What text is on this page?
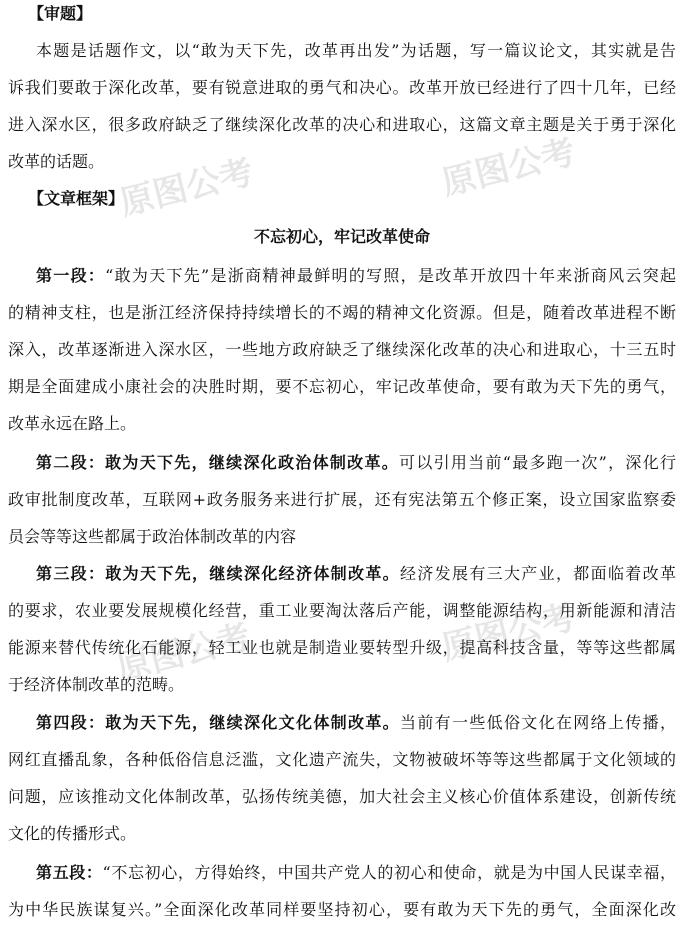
原图公考	原图公考
原图公考	原图公考
【审题】
本题是话题作文，以“敢为天下先，改革再出发”为话题，写一篇议论文，其实就是告
诉我们要敢于深化改革，要有锐意进取的勇气和决心。改革开放已经进行了四十几年，已经
进入深水区，很多政府缺乏了继续深化改革的决心和进取心，这篇文章主题是关于勇于深化
改革的话题。
【文章框架】
不忘初心，牢记改革使命
第一段：“敢为天下先”是浙商精神最鲜明的写照，是改革开放四十年来浙商风云突起
的精神支柱，也是浙江经济保持持续增长的不竭的精神文化资源。但是，随着改革进程不断
深入，改革逐渐进入深水区，一些地方政府缺乏了继续深化改革的决心和进取心，十三五时
期是全面建成小康社会的决胜时期，要不忘初心，牢记改革使命，要有敢为天下先的勇气，
改革永远在路上。
第二段：敢为天下先，继续深化政治体制改革。可以引用当前“最多跑一次”，深化行
政审批制度改革，互联网+政务服务来进行扩展，还有宪法第五个修正案，设立国家监察委
员会等等这些都属于政治体制改革的内容
第三段：敢为天下先，继续深化经济体制改革。经济发展有三大产业，都面临着改革
的要求，农业要发展规模化经营，重工业要淘汰落后产能，调整能源结构，用新能源和清洁
能源来替代传统化石能源，轻工业也就是制造业要转型升级，提高科技含量，等等这些都属
于经济体制改革的范畴。
第四段：敢为天下先，继续深化文化体制改革。当前有一些低俗文化在网络上传播，
网红直播乱象，各种低俗信息泛滥，文化遗产流失，文物被破坏等等这些都属于文化领域的
问题，应该推动文化体制改革，弘扬传统美德，加大社会主义核心价值体系建设，创新传统
文化的传播形式。
第五段：“不忘初心，方得始终，中国共产党人的初心和使命，就是为中国人民谋幸福，
为中华民族谋复兴。”全面深化改革同样要坚持初心，要有敢为天下先的勇气，全面深化改
